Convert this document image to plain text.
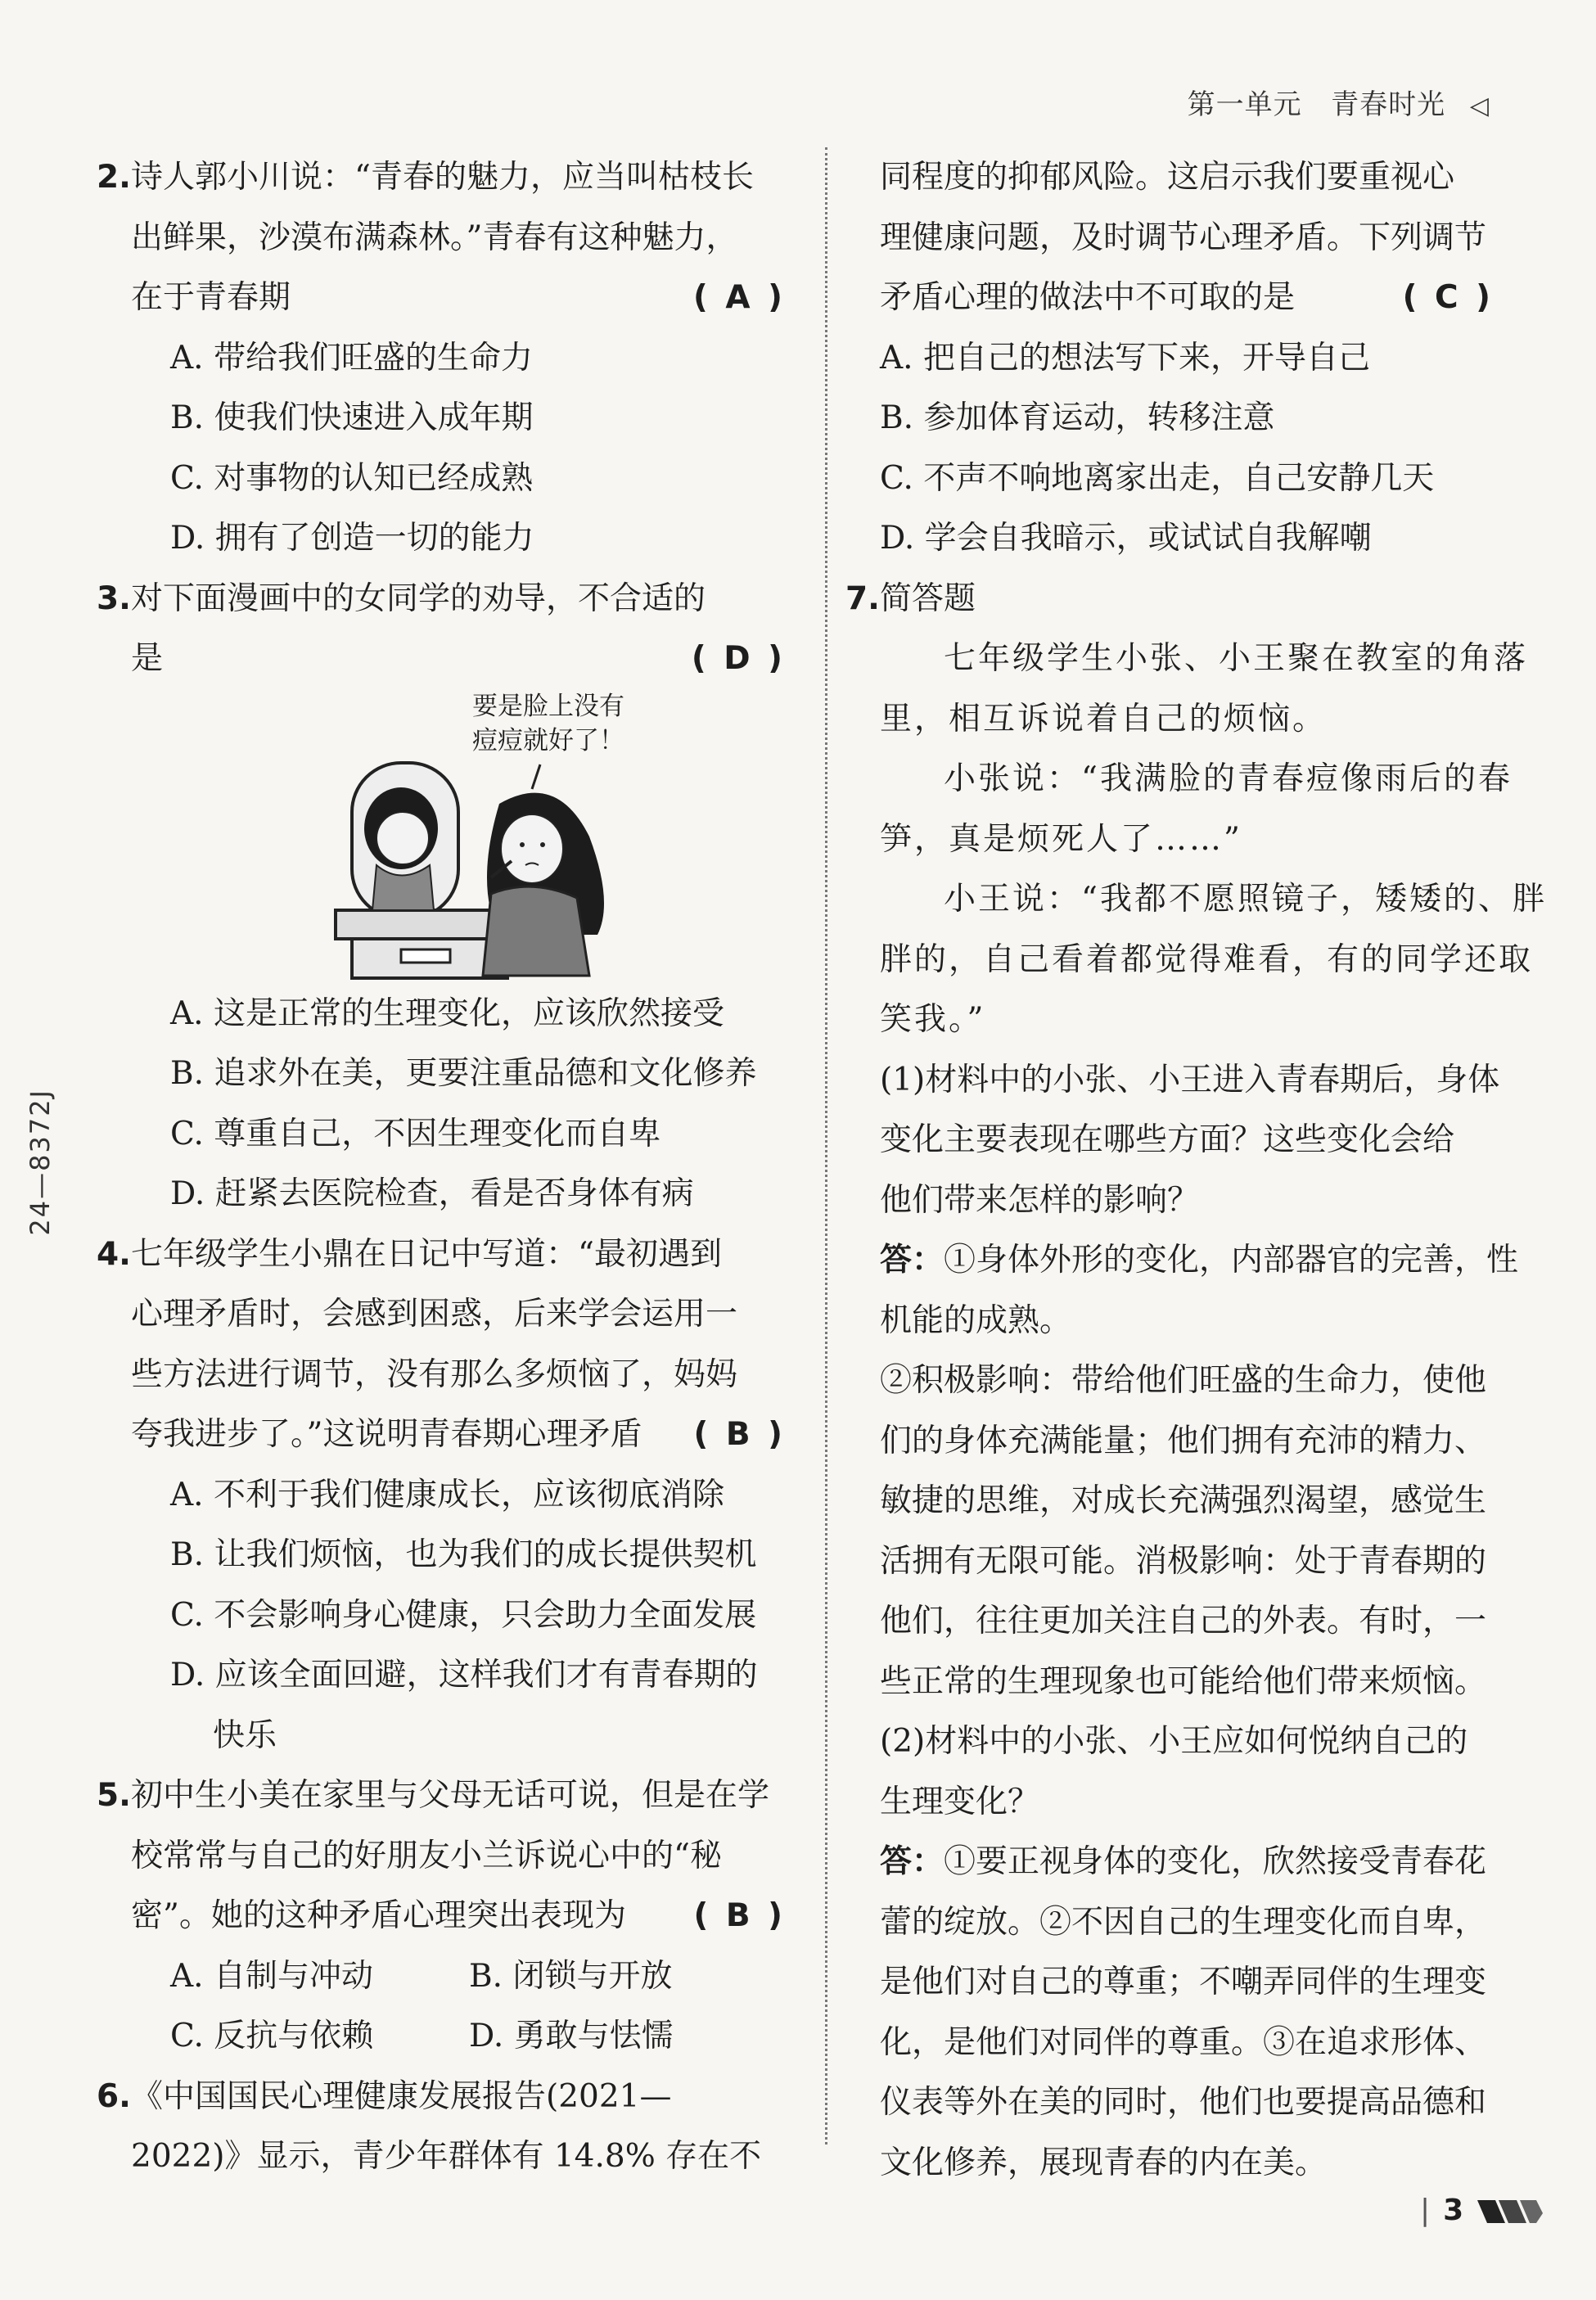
第一单元 青春时光 ◁
24—8372J
2. 诗人郭小川说：“青春的魅力，应当叫枯枝长
出鲜果，沙漠布满森林。”青春有这种魅力，
在于青春期	( A )
A. 带给我们旺盛的生命力
B. 使我们快速进入成年期
C. 对事物的认知已经成熟
D. 拥有了创造一切的能力
3. 对下面漫画中的女同学的劝导，不合适的
是	( D )
要是脸上没有
痘痘就好了！
A. 这是正常的生理变化，应该欣然接受
B. 追求外在美，更要注重品德和文化修养
C. 尊重自己，不因生理变化而自卑
D. 赶紧去医院检查，看是否身体有病
4. 七年级学生小鼎在日记中写道：“最初遇到
心理矛盾时，会感到困惑，后来学会运用一
些方法进行调节，没有那么多烦恼了，妈妈
夸我进步了。”这说明青春期心理矛盾 ( B )
A. 不利于我们健康成长，应该彻底消除
B. 让我们烦恼，也为我们的成长提供契机
C. 不会影响身心健康，只会助力全面发展
D. 应该全面回避，这样我们才有青春期的
快乐
5. 初中生小美在家里与父母无话可说，但是在学
校常常与自己的好朋友小兰诉说心中的“秘
密”。她的这种矛盾心理突出表现为 ( B )
A. 自制与冲动	B. 闭锁与开放
C. 反抗与依赖	D. 勇敢与怯懦
6. 《中国国民心理健康发展报告(2021—
2022)》显示，青少年群体有 14.8% 存在不
同程度的抑郁风险。这启示我们要重视心
理健康问题，及时调节心理矛盾。下列调节
矛盾心理的做法中不可取的是	( C )
A. 把自己的想法写下来，开导自己
B. 参加体育运动，转移注意
C. 不声不响地离家出走，自己安静几天
D. 学会自我暗示，或试试自我解嘲
7. 简答题
七年级学生小张、小王聚在教室的角落
里，相互诉说着自己的烦恼。
小张说：“我满脸的青春痘像雨后的春
笋，真是烦死人了……”
小王说：“我都不愿照镜子，矮矮的、胖
胖的，自己看着都觉得难看，有的同学还取
笑我。”
(1)材料中的小张、小王进入青春期后，身体
变化主要表现在哪些方面？这些变化会给
他们带来怎样的影响？
答：①身体外形的变化，内部器官的完善，性
机能的成熟。
②积极影响：带给他们旺盛的生命力，使他
们的身体充满能量；他们拥有充沛的精力、
敏捷的思维，对成长充满强烈渴望，感觉生
活拥有无限可能。消极影响：处于青春期的
他们，往往更加关注自己的外表。有时，一
些正常的生理现象也可能给他们带来烦恼。
(2)材料中的小张、小王应如何悦纳自己的
生理变化？
答：①要正视身体的变化，欣然接受青春花
蕾的绽放。②不因自己的生理变化而自卑，
是他们对自己的尊重；不嘲弄同伴的生理变
化，是他们对同伴的尊重。③在追求形体、
仪表等外在美的同时，他们也要提高品德和
文化修养，展现青春的内在美。
| 3
